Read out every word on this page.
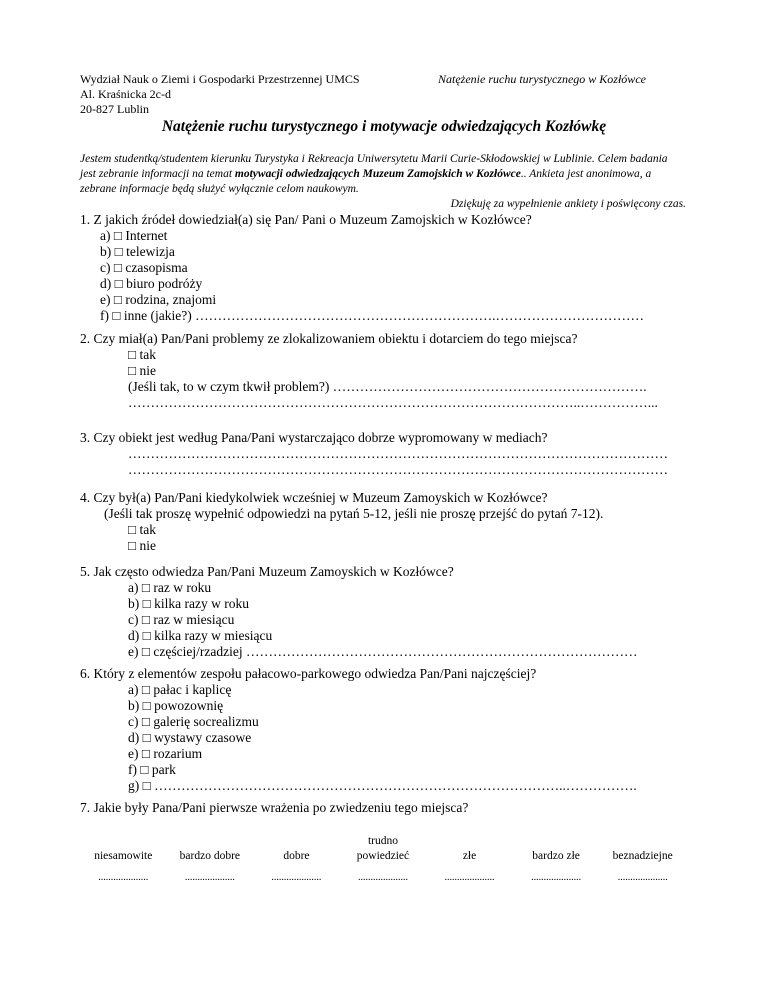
Wydział Nauk o Ziemi i Gospodarki Przestrzennej UMCS
Al. Kraśnicka 2c-d
20-827 Lublin
Natężenie ruchu turystycznego w Kozłówce
Natężenie ruchu turystycznego i motywacje odwiedzających Kozłówkę
Jestem studentką/studentem kierunku Turystyka i Rekreacja Uniwersytetu Marii Curie-Skłodowskiej w Lublinie. Celem badania jest zebranie informacji na temat motywacji odwiedzających Muzeum Zamojskich w Kozłówce.. Ankieta jest anonimowa, a zebrane informacje będą służyć wyłącznie celom naukowym.
Dziękuję za wypełnienie ankiety i poświęcony czas.
1. Z jakich źródeł dowiedział(a) się Pan/ Pani o Muzeum Zamojskich w Kozłówce?
a) □ Internet
b) □ telewizja
c) □ czasopisma
d) □ biuro podróży
e) □ rodzina, znajomi
f) □ inne (jakie?) ………………………………………………………….……………………………
2. Czy miał(a) Pan/Pani problemy ze zlokalizowaniem obiektu i dotarciem do tego miejsca?
□ tak
□ nie
(Jeśli tak, to w czym tkwił problem?) …………………………………………………………….
………………………………………………………………………………………..……………...
3. Czy obiekt jest według Pana/Pani wystarczająco dobrze wypromowany w mediach?
…………………………………………………………………………………………………………
…………………………………………………………………………………………………………
4. Czy był(a) Pan/Pani kiedykolwiek wcześniej w Muzeum Zamoyskich w Kozłówce?
(Jeśli tak proszę wypełnić odpowiedzi na pytań 5-12, jeśli nie proszę przejść do pytań 7-12).
□ tak
□ nie
5. Jak często odwiedza Pan/Pani Muzeum Zamoyskich w Kozłówce?
a) □ raz w roku
b) □ kilka razy w roku
c) □ raz w miesiącu
d) □ kilka razy w miesiącu
e) □ częściej/rzadziej ……………………………………………………………………………
6. Który z elementów zespołu pałacowo-parkowego odwiedza Pan/Pani najczęściej?
a) □ pałac i kaplicę
b) □ powozownię
c) □ galerię socrealizmu
d) □ wystawy czasowe
e) □ rozarium
f) □ park
g) □ ………………………………………………………………………………..…………….
7. Jakie były Pana/Pani pierwsze wrażenia po zwiedzeniu tego miejsca?
niesamowite	bardzo dobre	dobre	trudno powiedzieć	złe	bardzo złe	beznadziejne
....................	....................	....................	....................	....................	....................	....................
